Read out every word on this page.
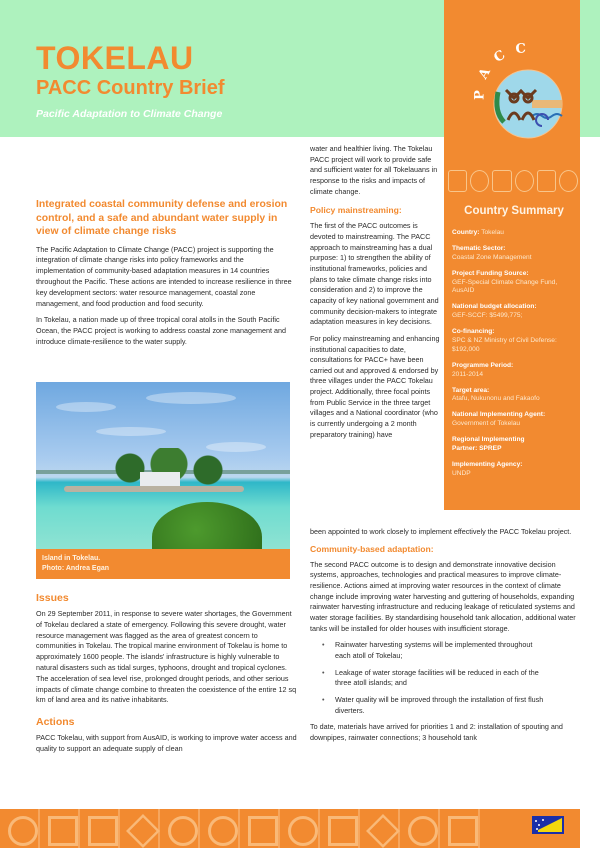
TOKELAU
PACC Country Brief
Pacific Adaptation to Climate Change
P A C C
Country Summary
Country: Tokelau
Thematic Sector:
Coastal Zone Management
Project Funding Source:
GEF-Special Climate Change Fund, AusAID
National budget allocation:
GEF-SCCF: $5499,775;
Co-financing:
SPC & NZ Ministry of Civil Defense: $192,000
Programme Period:
2011-2014
Target area:
Atafu, Nukunonu and Fakaofo
National Implementing Agent:
Government of Tokelau
Regional Implementing
Partner: SPREP
Implementing Agency:
UNDP
Integrated coastal community defense and erosion control, and a safe and abundant water supply in view of climate change risks

The Pacific Adaptation to Climate Change (PACC) project is supporting the integration of climate change risks into policy frameworks and the implementation of community-based adaptation measures in 14 countries throughout the Pacific. These actions are intended to increase resilience in three key development sectors: water resource management, coastal zone management, and food production and food security.

In Tokelau, a nation made up of three tropical coral atolls in the South Pacific Ocean, the PACC project is working to address coastal zone management and introduce climate-resilience to the water supply.

Island in Tokelau.
Photo: Andrea Egan
Issues

On 29 September 2011, in response to severe water shortages, the Government of Tokelau declared a state of emergency. Following this severe drought, water resource management was flagged as the area of greatest concern to communities in Tokelau. The tropical marine environment of Tokelau is home to approximately 1600 people. The islands' infrastructure is highly vulnerable to natural disasters such as tidal surges, typhoons, drought and tropical cyclones. The acceleration of sea level rise, prolonged drought periods, and other serious impacts of climate change combine to threaten the coexistence of the entire 12 sq km of land area and its native inhabitants.

Actions

PACC Tokelau, with support from AusAID, is working to improve water access and quality to support an adequate supply of clean

water and healthier living. The Tokelau PACC project will work to provide safe and sufficient water for all Tokelauans in response to the risks and impacts of climate change.

Policy mainstreaming:

The first of the PACC outcomes is devoted to mainstreaming. The PACC approach to mainstreaming has a dual purpose: 1) to strengthen the ability of institutional frameworks, policies and plans to take climate change risks into consideration and 2) to improve the capacity of key national government and community decision-makers to integrate adaptation measures in key decisions.

For policy mainstreaming and enhancing institutional capacities to date, consultations for PACC+ have been carried out and approved & endorsed by three villages under the PACC Tokelau project. Additionally, three focal points from Public Service in the three target villages and a National coordinator (who is currently undergoing a 2 month preparatory training) have

been appointed to work closely to implement effectively the PACC Tokelau project.

Community-based adaptation:

The second PACC outcome is to design and demonstrate innovative decision systems, approaches, technologies and practical measures to improve climate-resilience. Actions aimed at improving water resources in the context of climate change include improving water harvesting and guttering of households, expanding rainwater harvesting infrastructure and reducing leakage of reticulated systems and water storage facilities. By standardising household tank allocation, additional water tanks will be installed for older houses with insufficient storage.

• Rainwater harvesting systems will be implemented throughout each atoll of Tokelau;
• Leakage of water storage facilities will be reduced in each of the three atoll islands; and
• Water quality will be improved through the installation of first flush diverters.

To date, materials have arrived for priorities 1 and 2: installation of spouting and downpipes, rainwater connections; 3 household tank
